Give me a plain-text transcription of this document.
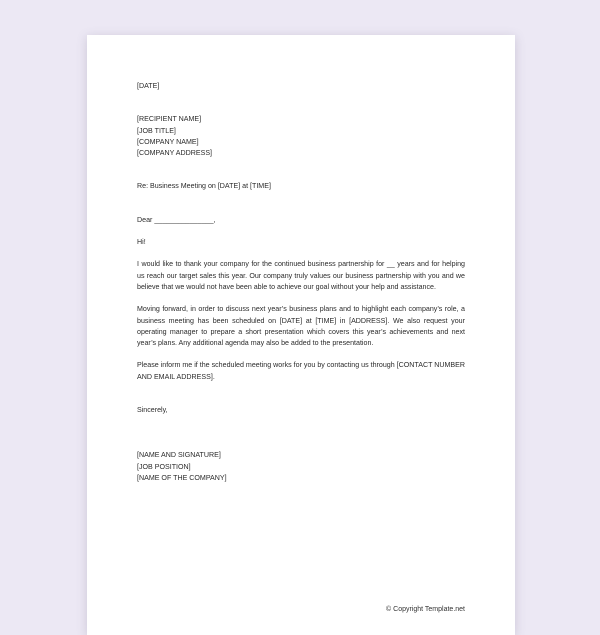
[DATE]

[RECIPIENT NAME]
[JOB TITLE]
[COMPANY NAME]
[COMPANY ADDRESS]

Re: Business Meeting on [DATE] at [TIME]

Dear _______________,

Hi!

I would like to thank your company for the continued business partnership for __ years and for helping us reach our target sales this year. Our company truly values our business partnership with you and we believe that we would not have been able to achieve our goal without your help and assistance.

Moving forward, in order to discuss next year’s business plans and to highlight each company’s role, a business meeting has been scheduled on [DATE] at [TIME] in [ADDRESS]. We also request your operating manager to prepare a short presentation which covers this year’s achievements and next year’s plans. Any additional agenda may also be added to the presentation.

Please inform me if the scheduled meeting works for you by contacting us through [CONTACT NUMBER AND EMAIL ADDRESS].

Sincerely,

[NAME AND SIGNATURE]
[JOB POSITION]
[NAME OF THE COMPANY]
© Copyright Template.net
